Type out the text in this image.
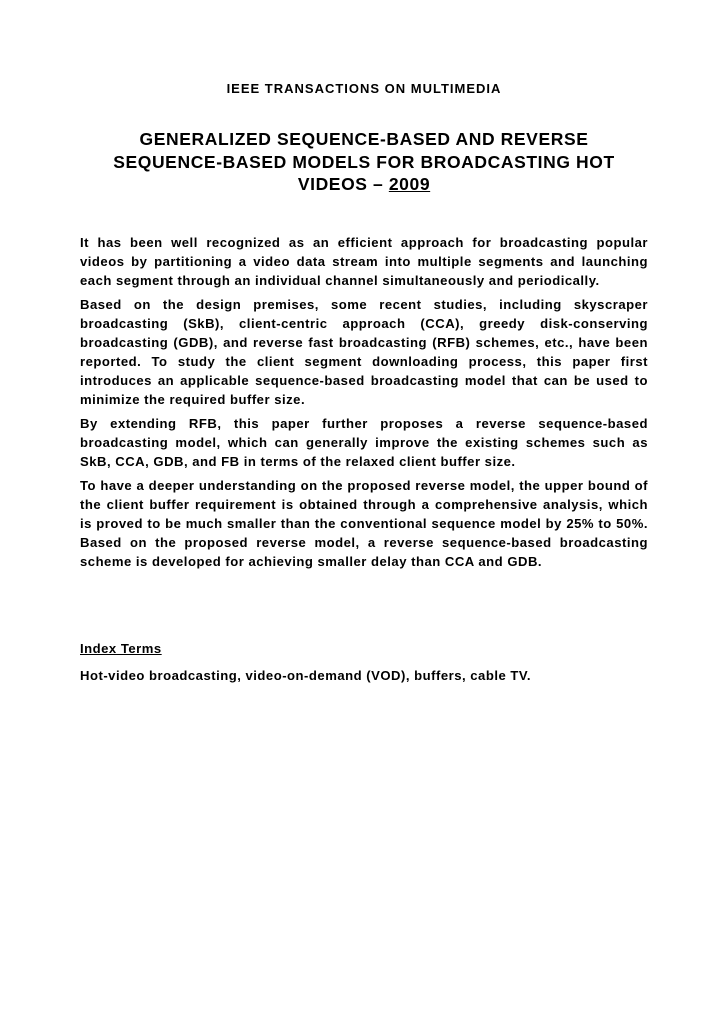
IEEE TRANSACTIONS ON MULTIMEDIA
GENERALIZED SEQUENCE-BASED AND REVERSE SEQUENCE-BASED MODELS FOR BROADCASTING HOT VIDEOS – 2009

It has been well recognized as an efficient approach for broadcasting popular videos by partitioning a video data stream into multiple segments and launching each segment through an individual channel simultaneously and periodically.

Based on the design premises, some recent studies, including skyscraper broadcasting (SkB), client-centric approach (CCA), greedy disk-conserving broadcasting (GDB), and reverse fast broadcasting (RFB) schemes, etc., have been reported. To study the client segment downloading process, this paper first introduces an applicable sequence-based broadcasting model that can be used to minimize the required buffer size.

By extending RFB, this paper further proposes a reverse sequence-based broadcasting model, which can generally improve the existing schemes such as SkB, CCA, GDB, and FB in terms of the relaxed client buffer size.

To have a deeper understanding on the proposed reverse model, the upper bound of the client buffer requirement is obtained through a comprehensive analysis, which is proved to be much smaller than the conventional sequence model by 25% to 50%. Based on the proposed reverse model, a reverse sequence-based broadcasting scheme is developed for achieving smaller delay than CCA and GDB.

Index Terms
Hot-video broadcasting, video-on-demand (VOD), buffers, cable TV.
